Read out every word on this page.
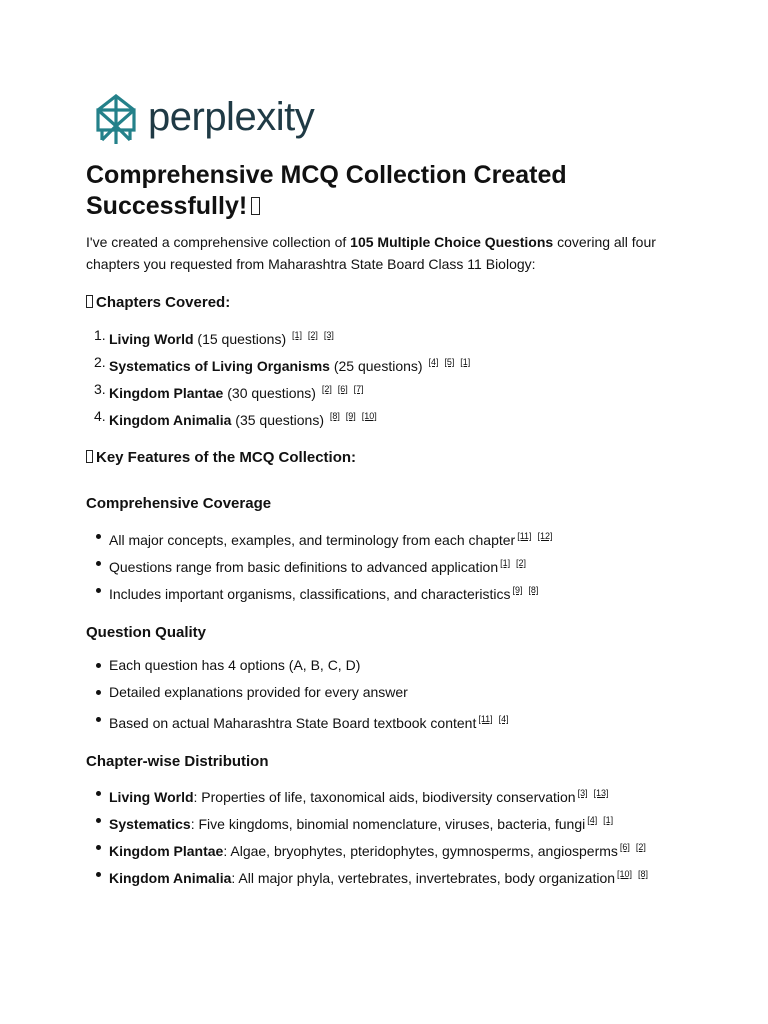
perplexity
Comprehensive MCQ Collection Created Successfully!

I've created a comprehensive collection of 105 Multiple Choice Questions covering all four chapters you requested from Maharashtra State Board Class 11 Biology:

Chapters Covered:
1. Living World (15 questions) [1] [2] [3]
2. Systematics of Living Organisms (25 questions) [4] [5] [1]
3. Kingdom Plantae (30 questions) [2] [6] [7]
4. Kingdom Animalia (35 questions) [8] [9] [10]
Key Features of the MCQ Collection:
Comprehensive Coverage
All major concepts, examples, and terminology from each chapter [11] [12]
Questions range from basic definitions to advanced application [1] [2]
Includes important organisms, classifications, and characteristics [9] [8]
Question Quality
Each question has 4 options (A, B, C, D)
Detailed explanations provided for every answer
Based on actual Maharashtra State Board textbook content [11] [4]
Chapter-wise Distribution
Living World: Properties of life, taxonomical aids, biodiversity conservation [3] [13]
Systematics: Five kingdoms, binomial nomenclature, viruses, bacteria, fungi [4] [1]
Kingdom Plantae: Algae, bryophytes, pteridophytes, gymnosperms, angiosperms [6] [2]
Kingdom Animalia: All major phyla, vertebrates, invertebrates, body organization [10] [8]
